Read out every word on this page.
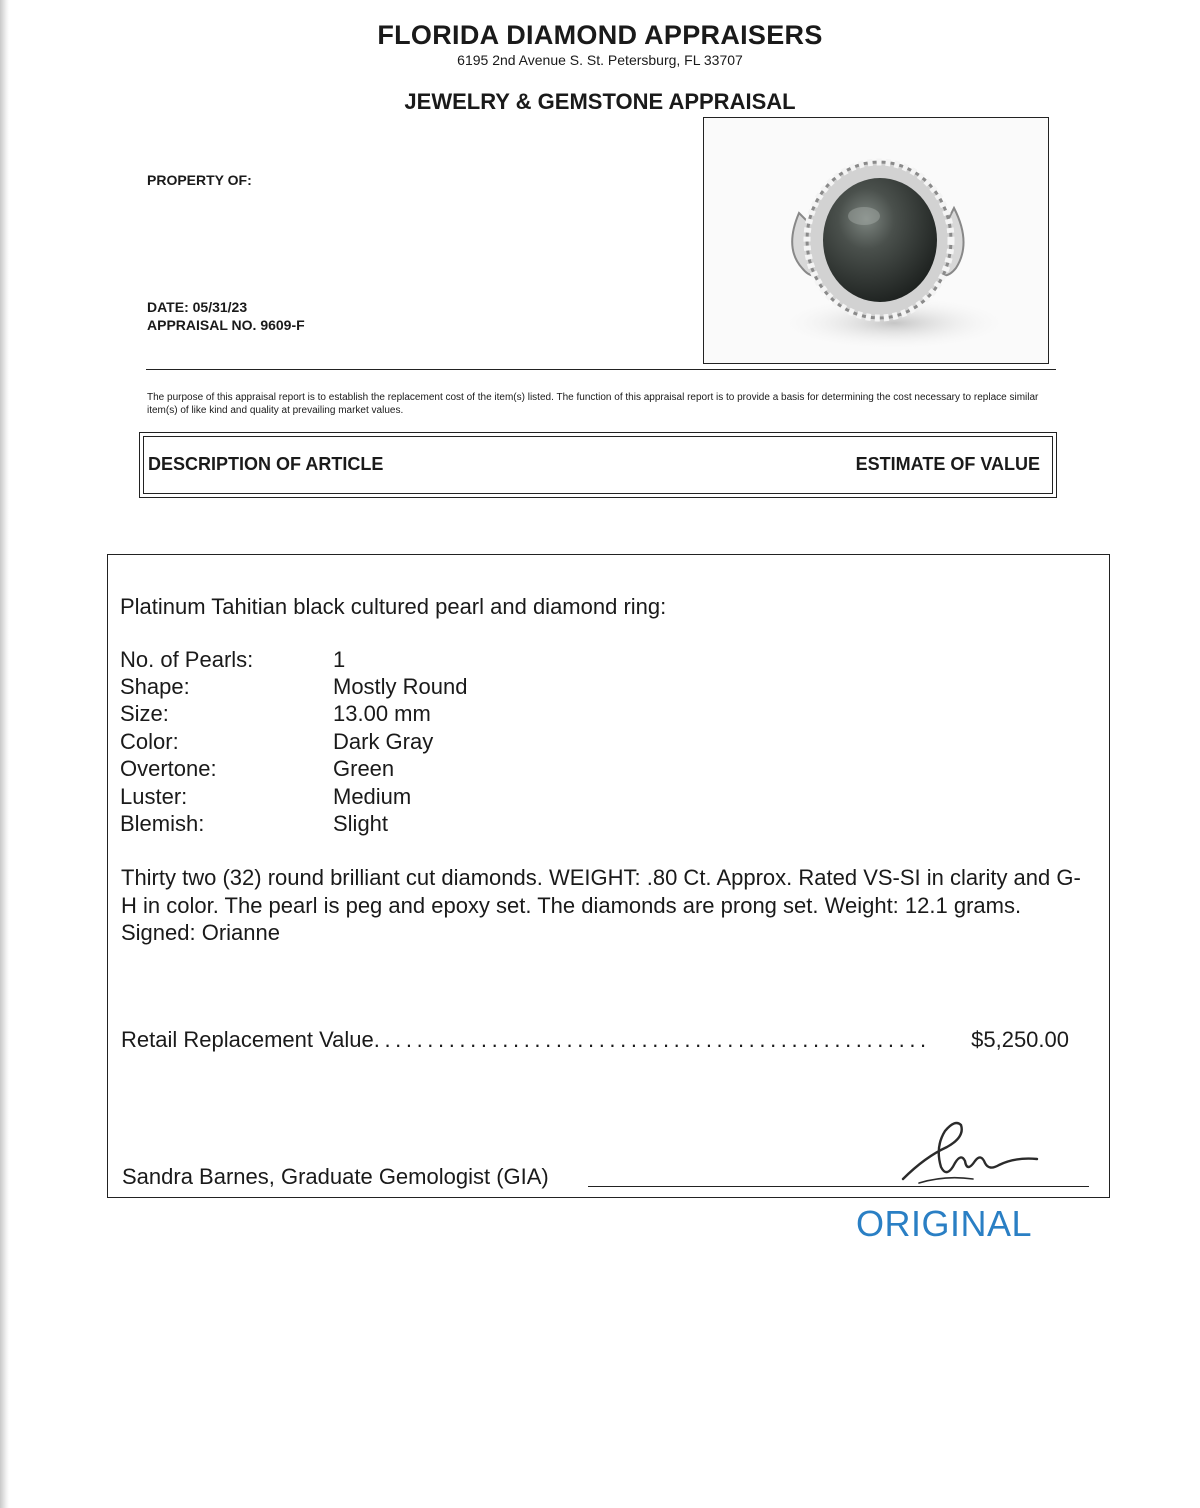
FLORIDA DIAMOND APPRAISERS
6195 2nd Avenue S. St. Petersburg, FL 33707
JEWELRY & GEMSTONE APPRAISAL
PROPERTY OF:
DATE: 05/31/23
APPRAISAL NO. 9609-F
The purpose of this appraisal report is to establish the replacement cost of the item(s) listed. The function of this appraisal report is to provide a basis for determining the cost necessary to replace similar item(s) of like kind and quality at prevailing market values.
DESCRIPTION OF ARTICLE	ESTIMATE OF VALUE
Platinum Tahitian black cultured pearl and diamond ring:
No. of Pearls:	1
Shape:	Mostly Round
Size:	13.00 mm
Color:	Dark Gray
Overtone:	Green
Luster:	Medium
Blemish:	Slight
Thirty two (32) round brilliant cut diamonds. WEIGHT: .80 Ct. Approx. Rated VS-SI in clarity and G-H in color. The pearl is peg and epoxy set. The diamonds are prong set. Weight: 12.1 grams. Signed: Orianne
Retail Replacement Value ....................................................	$5,250.00
Sandra Barnes, Graduate Gemologist (GIA)
ORIGINAL
